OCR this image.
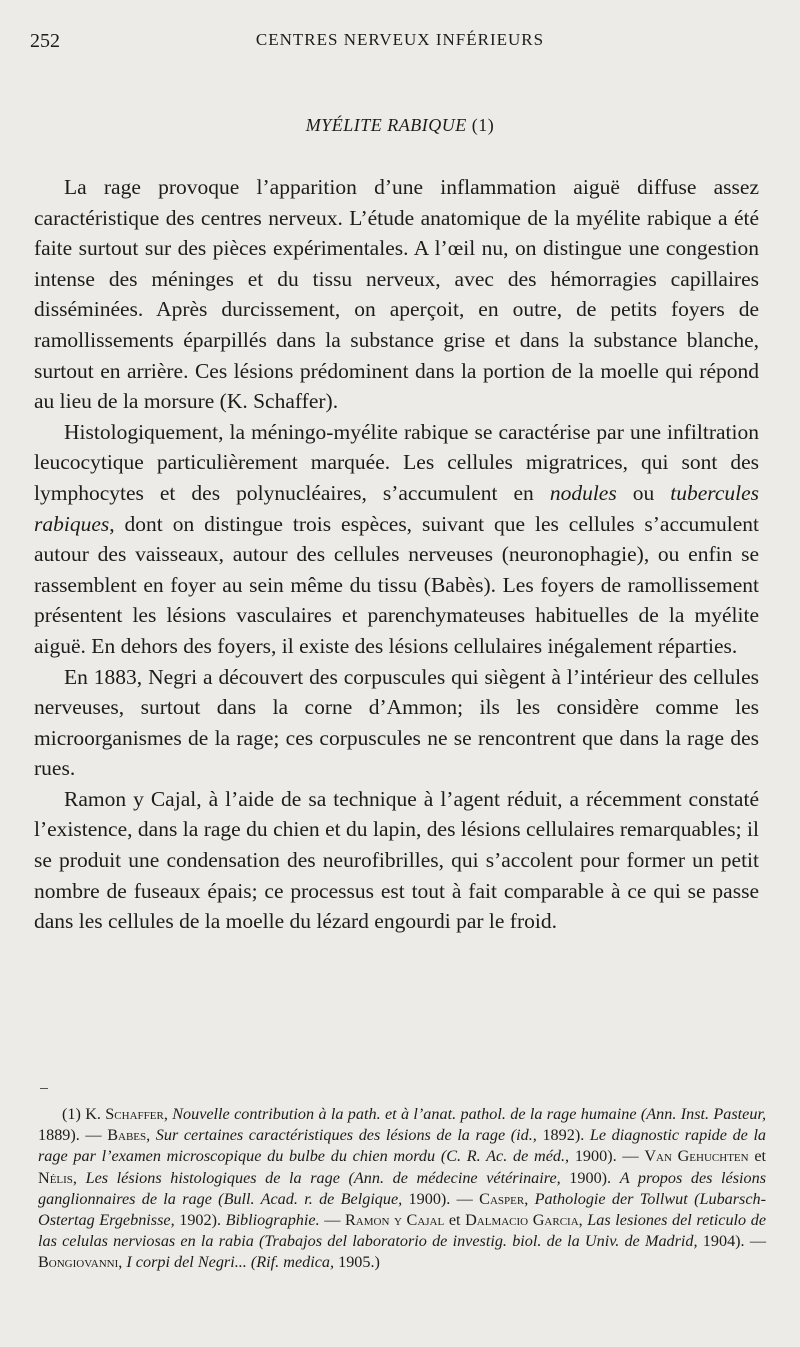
252	CENTRES NERVEUX INFÉRIEURS
MYÉLITE RABIQUE (1)

La rage provoque l’apparition d’une inflammation aiguë diffuse assez caractéristique des centres nerveux. L’étude anatomique de la myélite rabique a été faite surtout sur des pièces expérimentales. A l’œil nu, on distingue une congestion intense des méninges et du tissu nerveux, avec des hémorragies capillaires disséminées. Après durcissement, on aperçoit, en outre, de petits foyers de ramollissements éparpillés dans la substance grise et dans la substance blanche, surtout en arrière. Ces lésions prédominent dans la portion de la moelle qui répond au lieu de la morsure (K. Schaffer).

Histologiquement, la méningo-myélite rabique se caractérise par une infiltration leucocytique particulièrement marquée. Les cellules migratrices, qui sont des lymphocytes et des polynucléaires, s’accumulent en nodules ou tubercules rabiques, dont on distingue trois espèces, suivant que les cellules s’accumulent autour des vaisseaux, autour des cellules nerveuses (neuronophagie), ou enfin se rassemblent en foyer au sein même du tissu (Babès). Les foyers de ramollissement présentent les lésions vasculaires et parenchymateuses habituelles de la myélite aiguë. En dehors des foyers, il existe des lésions cellulaires inégalement réparties.

En 1883, Negri a découvert des corpuscules qui siègent à l’intérieur des cellules nerveuses, surtout dans la corne d’Ammon; ils les considère comme les microorganismes de la rage; ces corpuscules ne se rencontrent que dans la rage des rues.

Ramon y Cajal, à l’aide de sa technique à l’agent réduit, a récemment constaté l’existence, dans la rage du chien et du lapin, des lésions cellulaires remarquables; il se produit une condensation des neurofibrilles, qui s’accolent pour former un petit nombre de fuseaux épais; ce processus est tout à fait comparable à ce qui se passe dans les cellules de la moelle du lézard engourdi par le froid.

(1) K. Schaffer, Nouvelle contribution à la path. et à l’anat. pathol. de la rage humaine (Ann. Inst. Pasteur, 1889). — Babes, Sur certaines caractéristiques des lésions de la rage (id., 1892). Le diagnostic rapide de la rage par l’examen microscopique du bulbe du chien mordu (C. R. Ac. de méd., 1900). — Van Gehuchten et Nélis, Les lésions histologiques de la rage (Ann. de médecine vétérinaire, 1900). A propos des lésions ganglionnaires de la rage (Bull. Acad. r. de Belgique, 1900). — Casper, Pathologie der Tollwut (Lubarsch-Ostertag Ergebnisse, 1902). Bibliographie. — Ramon y Cajal et Dalmacio Garcia, Las lesiones del reticulo de las celulas nerviosas en la rabia (Trabajos del laboratorio de investig. biol. de la Univ. de Madrid, 1904). — Bongiovanni, I corpi del Negri... (Rif. medica, 1905.)
